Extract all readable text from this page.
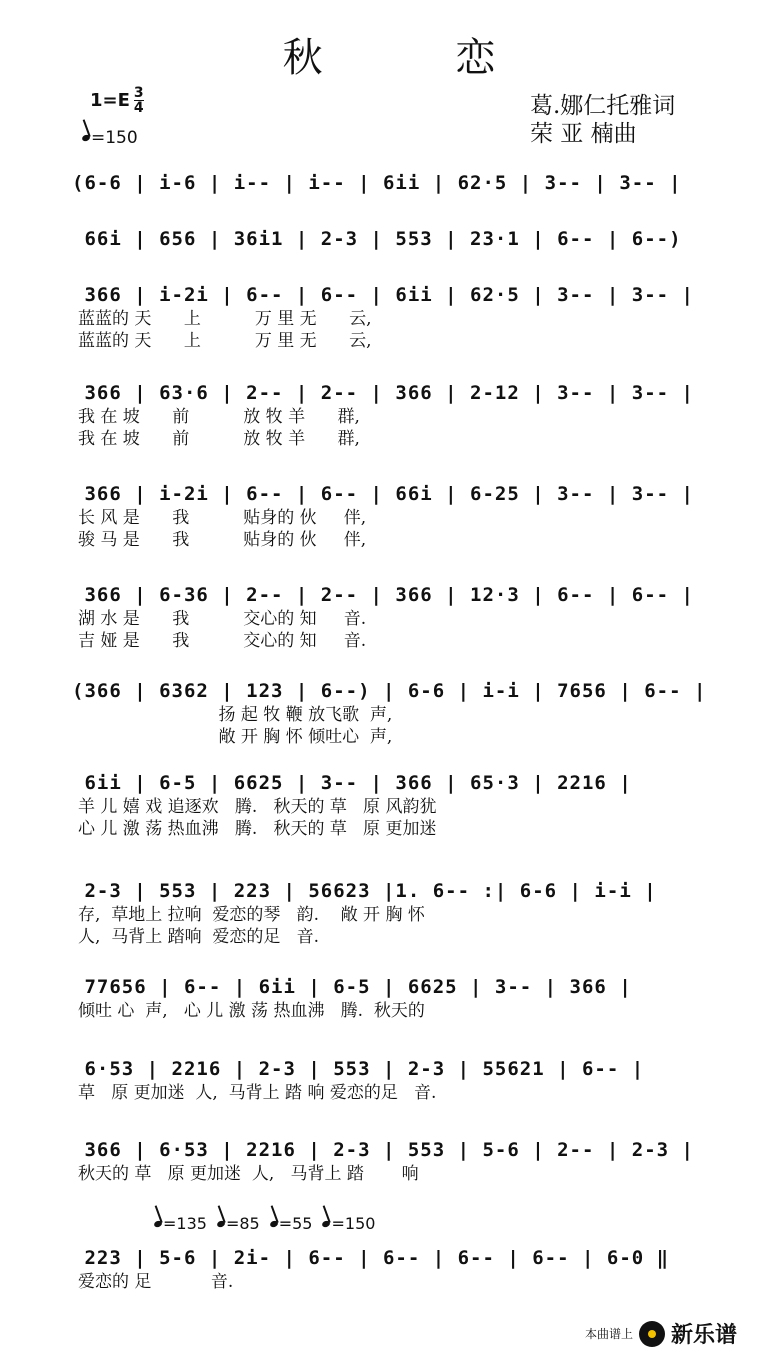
秋 恋
葛.娜仁托雅词
荣 亚 楠曲
$1=E \frac{3}{4}$
=150
(6-6 | i-6 | i-- | i-- | 6ii | 62·5 | 3-- | 3-- |
66i | 656 | 36i1 | 2-3 | 553 | 23·1 | 6-- | 6--)
366 | i-2i | 6-- | 6-- | 6ii | 62·5 | 3-- | 3-- |
蓝蓝的 天      上          万 里 无      云,
蓝蓝的 天      上          万 里 无      云,
366 | 63·6 | 2-- | 2-- | 366 | 2-12 | 3-- | 3-- |
我 在 坡      前          放 牧 羊      群,
我 在 坡      前          放 牧 羊      群,
366 | i-2i | 6-- | 6-- | 66i | 6-25 | 3-- | 3-- |
长 风 是      我          贴身的 伙     伴,
骏 马 是      我          贴身的 伙     伴,
366 | 6-36 | 2-- | 2-- | 366 | 12·3 | 6-- | 6-- |
湖 水 是      我          交心的 知     音.
吉 娅 是      我          交心的 知     音.
(366 | 6362 | 123 | 6--) | 6-6 | i-i | 7656 | 6-- |
扬 起 牧 鞭 放飞歌  声,
敞 开 胸 怀 倾吐心  声,
6ii | 6-5 | 6625 | 3-- | 366 | 65·3 | 2216 |
羊 儿 嬉 戏 追逐欢   腾.   秋天的 草   原 风韵犹
心 儿 激 荡 热血沸   腾.   秋天的 草   原 更加迷
2-3 | 553 | 223 | 56623 |1. 6-- :| 6-6 | i-i |
存,  草地上 拉响  爱恋的琴   韵.    敞 开 胸 怀
人,  马背上 踏响  爱恋的足   音.
77656 | 6-- | 6ii | 6-5 | 6625 | 3-- | 366 |
倾吐 心  声,   心 儿 激 荡 热血沸   腾.  秋天的
6·53 | 2216 | 2-3 | 553 | 2-3 | 55621 | 6-- |
草   原 更加迷  人,  马背上 踏 响 爱恋的足   音.
366 | 6·53 | 2216 | 2-3 | 553 | 5-6 | 2-- | 2-3 |
秋天的 草   原 更加迷  人,   马背上 踏       响
223 | 5-6 | 2i- | 6-- | 6-- | 6-- | 6-- | 6-0 ‖
爱恋的 足           音.
=135 =85 =55 =150
本曲谱上 新乐谱
